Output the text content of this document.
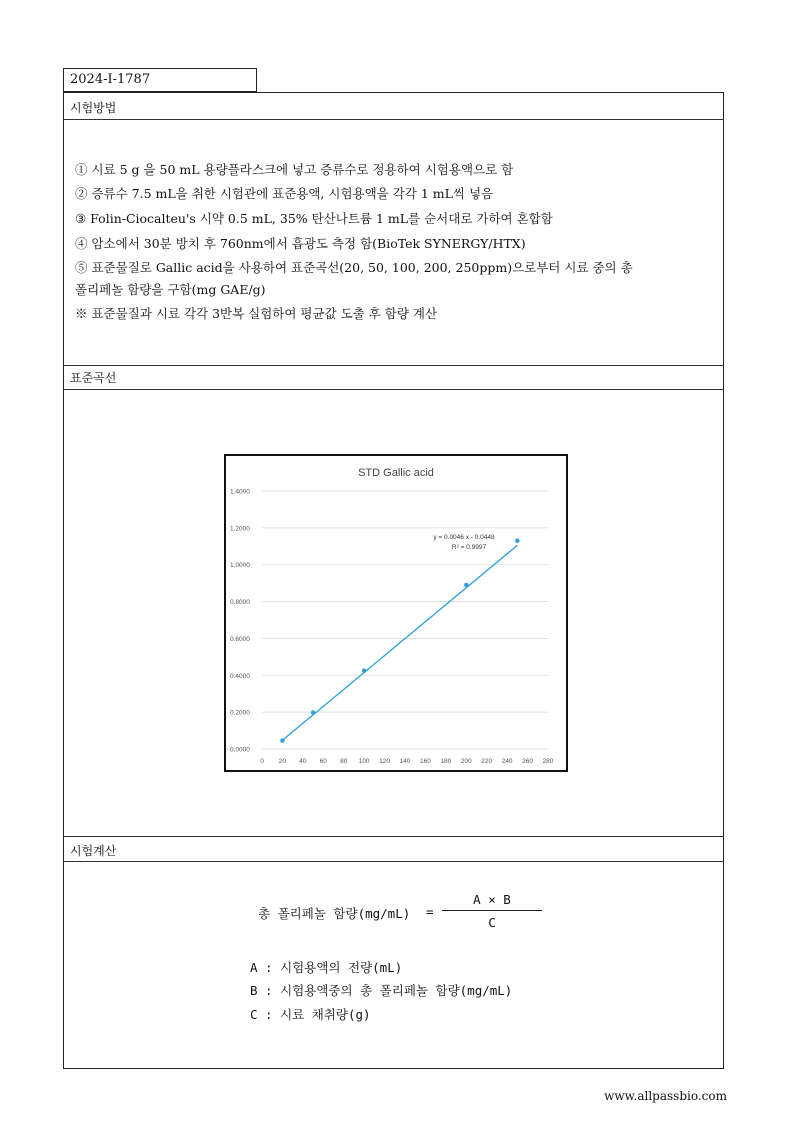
2024-I-1787
시험방법
표준곡선
시험계산
① 시료 5 g 을 50 mL 용량플라스크에 넣고 증류수로 정용하여 시험용액으로 함
② 증류수 7.5 mL을 취한 시험관에 표준용액, 시험용액을 각각 1 mL씩 넣음
③ Folin-Ciocalteu's 시약 0.5 mL, 35% 탄산나트륨 1 mL를 순서대로 가하여 혼합함
④ 암소에서 30분 방치 후 760nm에서 흡광도 측정 함(BioTek SYNERGY/HTX)
⑤ 표준물질로 Gallic acid을 사용하여 표준곡선(20, 50, 100, 200, 250ppm)으로부터 시료 중의 총
폴리페놀 함량을 구함(mg GAE/g)
※ 표준물질과 시료 각각 3반복 실험하여 평균값 도출 후 함량 계산
STD Gallic acid
0.0000
0.2000
0.4000
0.6000
0.8000
1.0000
1.2000
1.4000
0 20 40 60 80 100 120 140 160 180 200 220 240 260 280
y = 0.0046 x - 0.0448
R² = 0.9997
총 폴리페놀 함량(mg/mL) =
A × B
C
A : 시험용액의 전량(mL)
B : 시험용액중의 총 폴리페놀 함량(mg/mL)
C : 시료 채취량(g)
www.allpassbio.com
